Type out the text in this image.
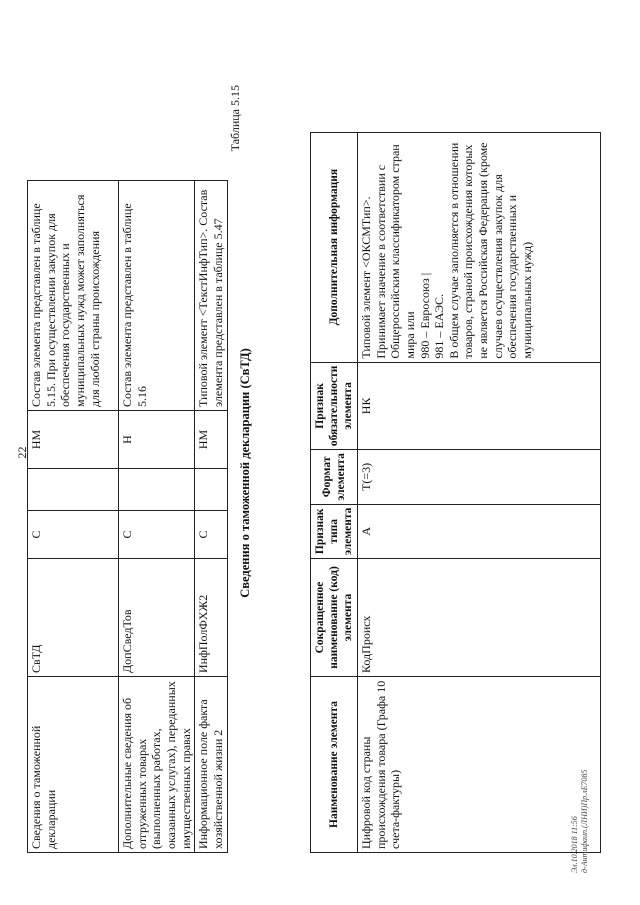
22
Сведения о таможенной декларации	СвТД	С		НМ	Состав элемента представлен в таблице 5.15. При осуществлении закупок для обеспечения государственных и муниципальных нужд может заполняться для любой страны происхождения
Дополнительные сведения об отгруженных товарах (выполненных работах, оказанных услугах), переданных имущественных правах	ДопСведТов	С		Н	Состав элемента представлен в таблице 5.16
Информационное поле факта хозяйственной жизни 2	ИнфПолФХЖ2	С		НМ	Типовой элемент <ТекстИнфТип>. Состав элемента представлен в таблице 5.47
Таблица 5.15
Сведения о таможенной декларации (СвТД)
Наименование элемента	Сокращенное наименование (код) элемента	Признак типа элемента	Формат элемента	Признак обязательности элемента	Дополнительная информация
Цифровой код страны происхождения товара (Графа 10 счета-фактуры)	КодПроисх	А	T(=3)	НК	Типовой элемент <ОКСМТип>. Принимает значение в соответствии с Общероссийским классификатором стран мира или 980 – Евросоюз | 981 – ЕАЭС. В общем случае заполняется в отношении товаров, страной происхождения которых не является Российская Федерация (кроме случаев осуществления закупок для обеспечения государственных и муниципальных нужд)
Эл.10.2018 11:56 д-Антифаип.(ЛНИ)Пр.лЕ7085
